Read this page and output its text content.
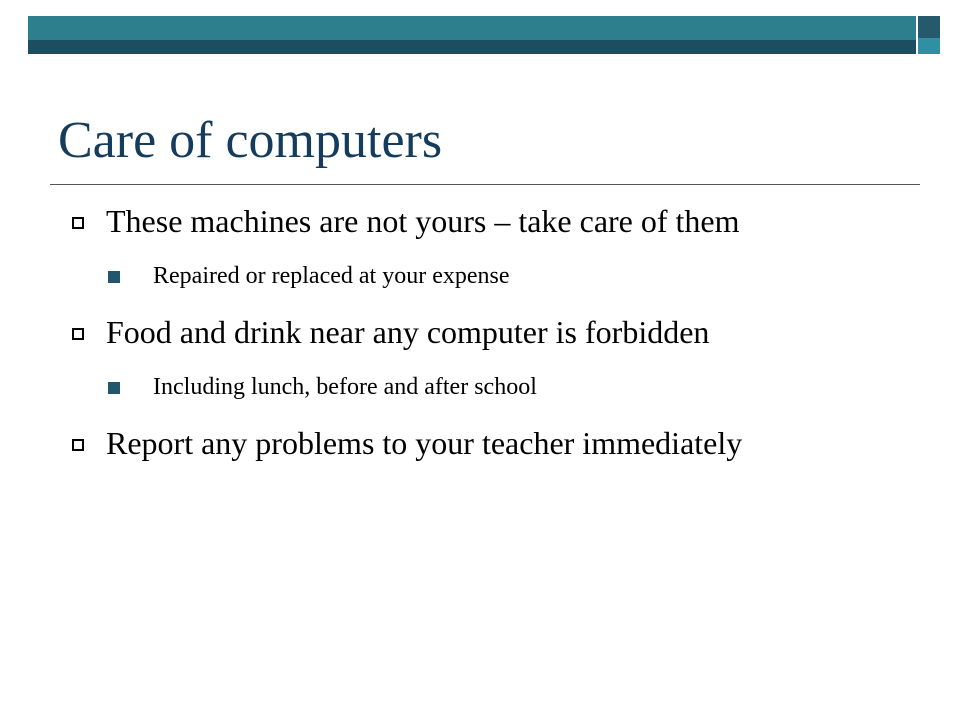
Care of computers
These machines are not yours – take care of them
Repaired or replaced at your expense
Food and drink near any computer is forbidden
Including lunch, before and after school
Report any problems to your teacher immediately
